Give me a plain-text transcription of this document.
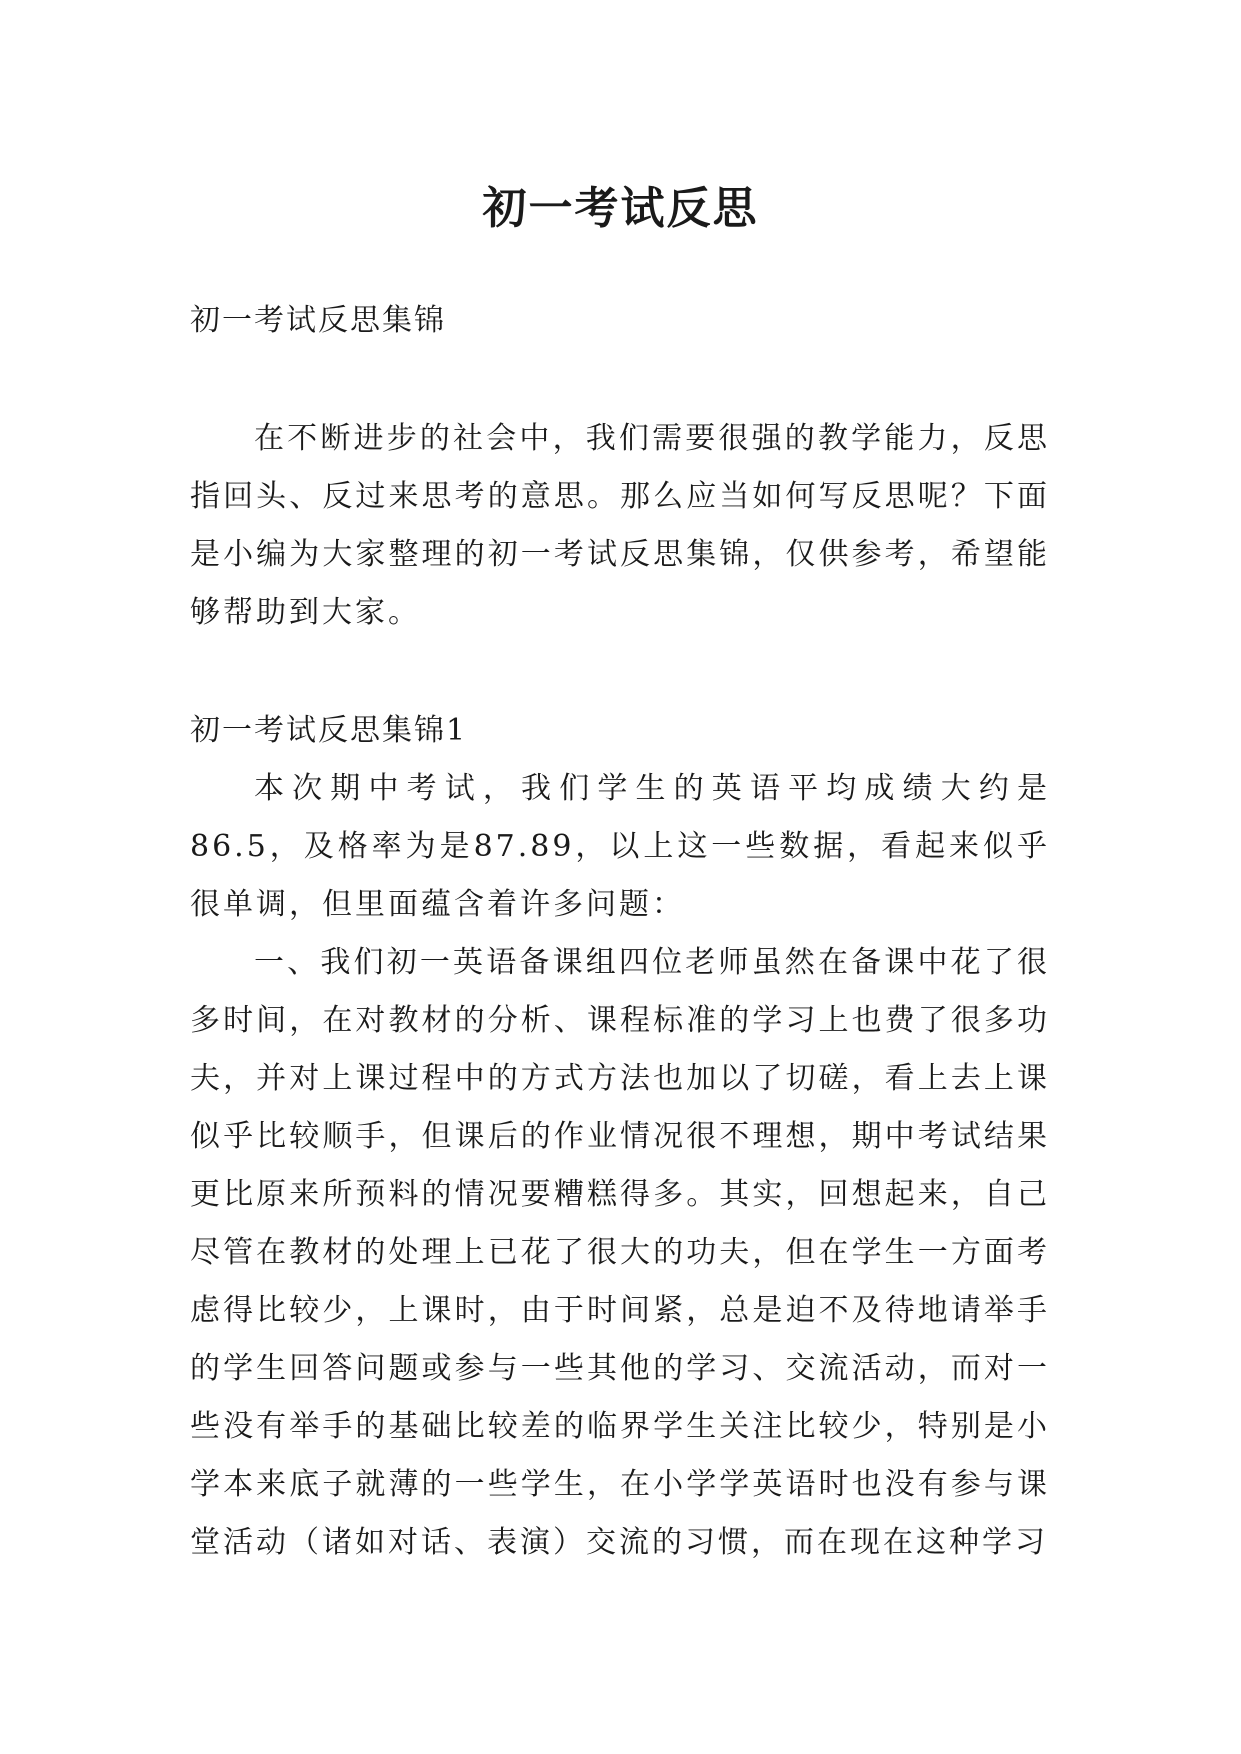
初一考试反思

初一考试反思集锦

在不断进步的社会中，我们需要很强的教学能力，反思指回头、反过来思考的意思。那么应当如何写反思呢？下面是小编为大家整理的初一考试反思集锦，仅供参考，希望能够帮助到大家。

初一考试反思集锦1

本次期中考试，我们学生的英语平均成绩大约是86.5，及格率为是87.89，以上这一些数据，看起来似乎很单调，但里面蕴含着许多问题：

一、我们初一英语备课组四位老师虽然在备课中花了很多时间，在对教材的分析、课程标准的学习上也费了很多功夫，并对上课过程中的方式方法也加以了切磋，看上去上课似乎比较顺手，但课后的作业情况很不理想，期中考试结果更比原来所预料的情况要糟糕得多。其实，回想起来，自己尽管在教材的处理上已花了很大的功夫，但在学生一方面考虑得比较少，上课时，由于时间紧，总是迫不及待地请举手的学生回答问题或参与一些其他的学习、交流活动，而对一些没有举手的基础比较差的临界学生关注比较少，特别是小学本来底子就薄的一些学生，在小学学英语时也没有参与课堂活动（诸如对话、表演）交流的习惯，而在现在这种学习
